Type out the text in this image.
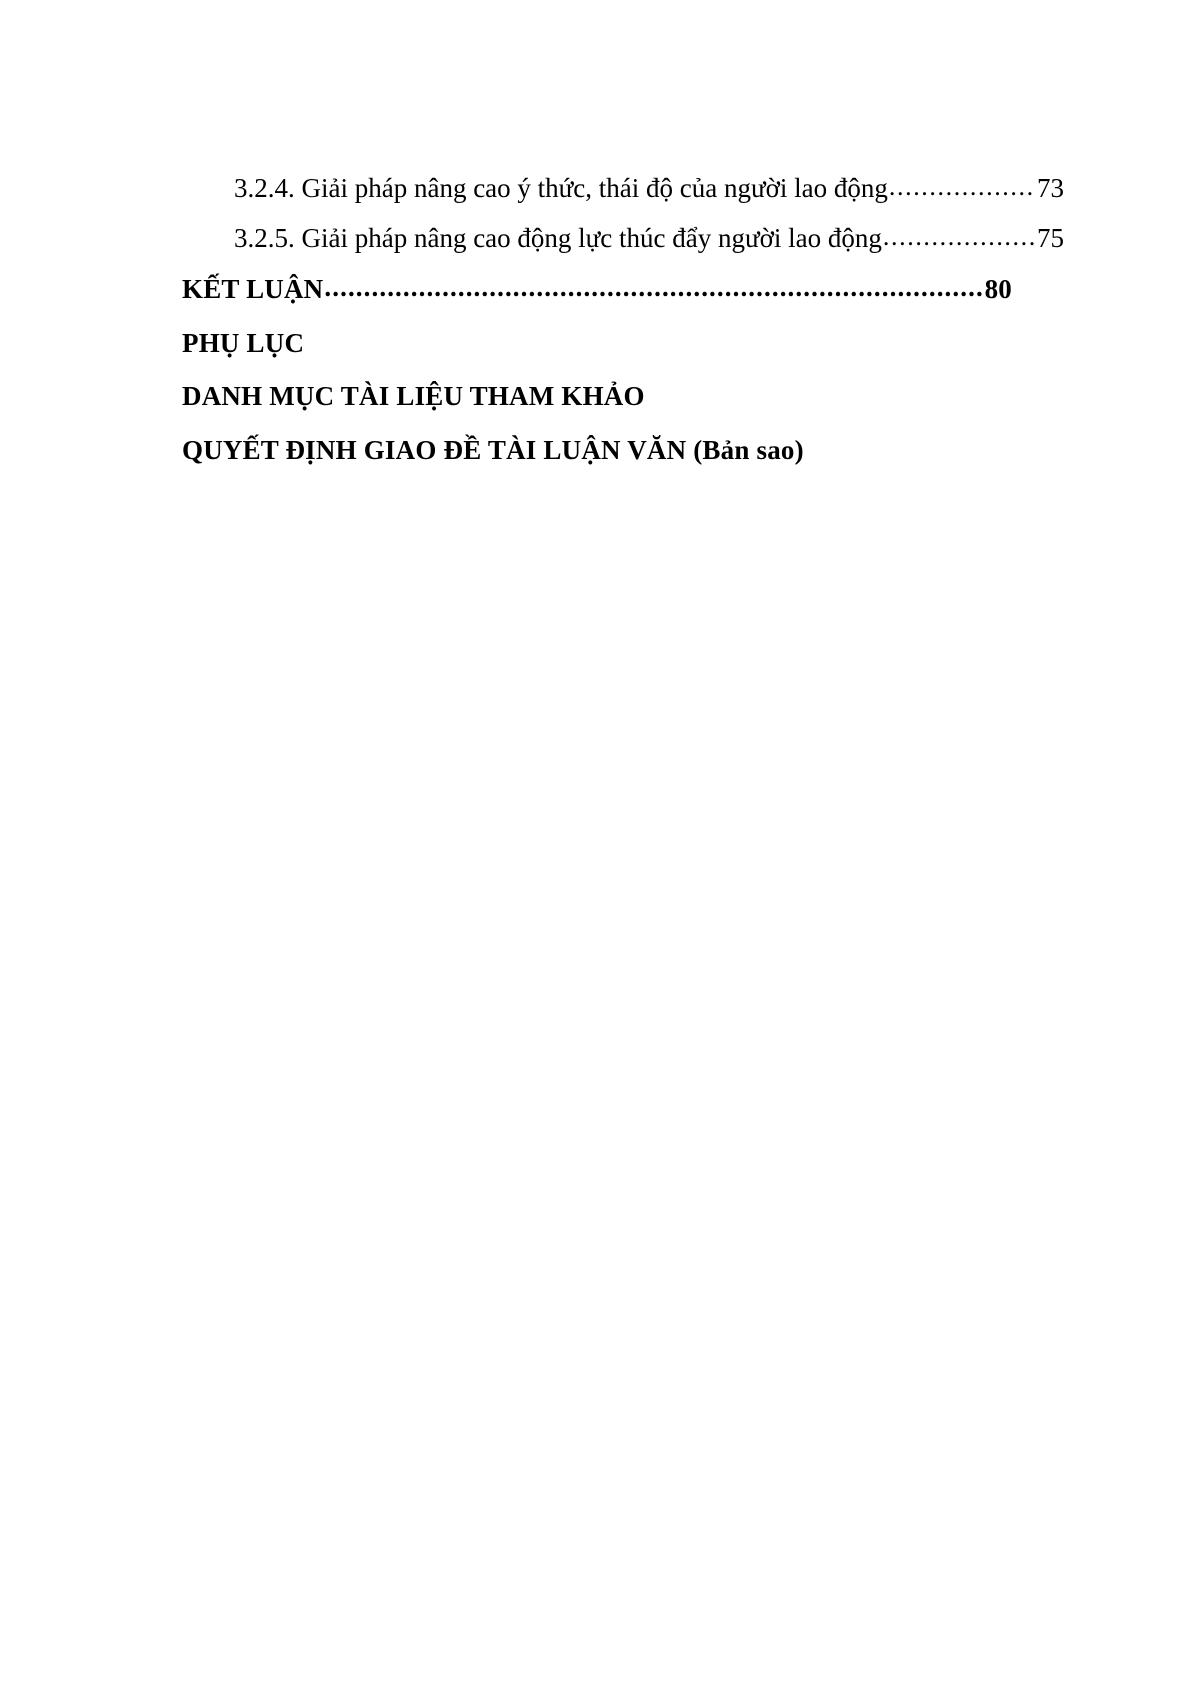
3.2.4. Giải pháp nâng cao ý thức, thái độ của người lao động .....	73
3.2.5. Giải pháp nâng cao động lực thúc đẩy người lao động .....	75
KẾT LUẬN .....	80
PHỤ LỤC
DANH MỤC TÀI LIỆU THAM KHẢO
QUYẾT ĐỊNH GIAO ĐỀ TÀI LUẬN VĂN (Bản sao)
